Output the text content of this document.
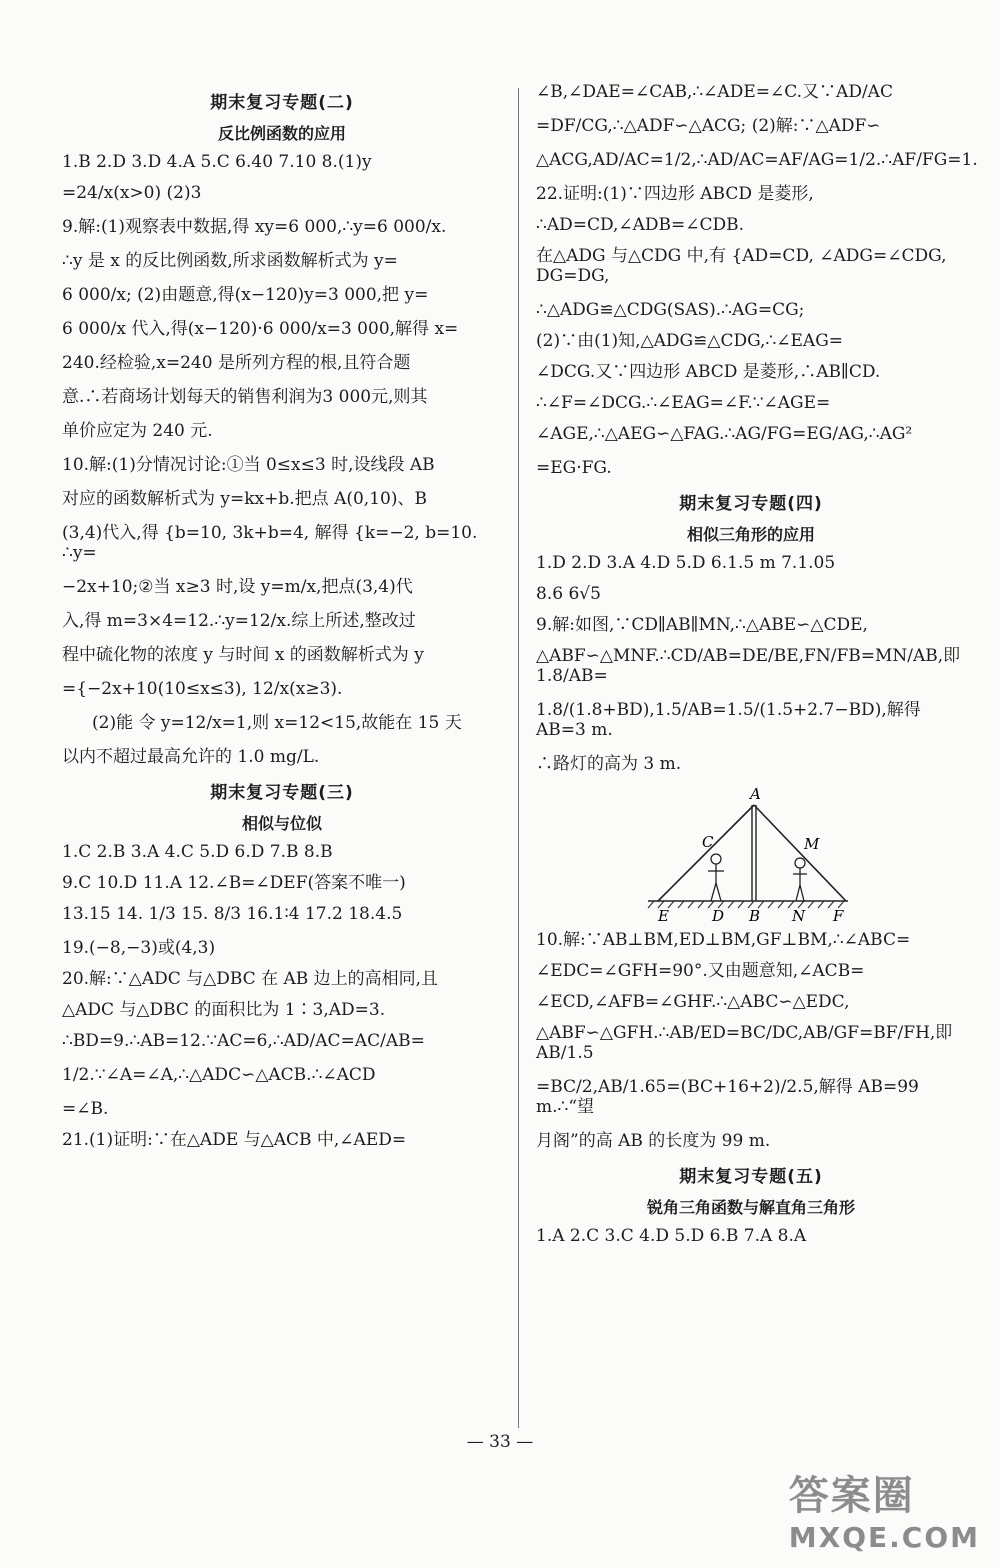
期末复习专题(二)
反比例函数的应用
1.B 2.D 3.D 4.A 5.C 6.40 7.10 8.(1)y
=24/x(x>0) (2)3
9.解:(1)观察表中数据,得 xy=6 000,∴y=6 000/x.
∴y 是 x 的反比例函数,所求函数解析式为 y=
6 000/x; (2)由题意,得(x−120)y=3 000,把 y=
6 000/x 代入,得(x−120)·6 000/x=3 000,解得 x=
240.经检验,x=240 是所列方程的根,且符合题
意.∴若商场计划每天的销售利润为3 000元,则其
单价应定为 240 元.
10.解:(1)分情况讨论:①当 0≤x≤3 时,设线段 AB
对应的函数解析式为 y=kx+b.把点 A(0,10)、B
(3,4)代入,得 {b=10, 3k+b=4, 解得 {k=−2, b=10. ∴y=
−2x+10;②当 x≥3 时,设 y=m/x,把点(3,4)代
入,得 m=3×4=12.∴y=12/x.综上所述,整改过
程中硫化物的浓度 y 与时间 x 的函数解析式为 y
={−2x+10(10≤x≤3), 12/x(x≥3).
(2)能 令 y=12/x=1,则 x=12<15,故能在 15 天
以内不超过最高允许的 1.0 mg/L.
期末复习专题(三)
相似与位似
1.C 2.B 3.A 4.C 5.D 6.D 7.B 8.B
9.C 10.D 11.A 12.∠B=∠DEF(答案不唯一)
13.15 14. 1/3 15. 8/3 16.1∶4 17.2 18.4.5
19.(−8,−3)或(4,3)
20.解:∵△ADC 与△DBC 在 AB 边上的高相同,且
△ADC 与△DBC 的面积比为 1∶3,AD=3.
∴BD=9.∴AB=12.∵AC=6,∴AD/AC=AC/AB=
1/2.∵∠A=∠A,∴△ADC∽△ACB.∴∠ACD
=∠B.
21.(1)证明:∵在△ADE 与△ACB 中,∠AED=
∠B,∠DAE=∠CAB,∴∠ADE=∠C.又∵AD/AC
=DF/CG,∴△ADF∽△ACG; (2)解:∵△ADF∽
△ACG,AD/AC=1/2,∴AD/AC=AF/AG=1/2.∴AF/FG=1.
22.证明:(1)∵四边形 ABCD 是菱形,
∴AD=CD,∠ADB=∠CDB.
在△ADG 与△CDG 中,有 {AD=CD, ∠ADG=∠CDG, DG=DG,
∴△ADG≌△CDG(SAS).∴AG=CG;
(2)∵由(1)知,△ADG≌△CDG,∴∠EAG=
∠DCG.又∵四边形 ABCD 是菱形,∴AB∥CD.
∴∠F=∠DCG.∴∠EAG=∠F.∵∠AGE=
∠AGE,∴△AEG∽△FAG.∴AG/FG=EG/AG,∴AG²
=EG·FG.
期末复习专题(四)
相似三角形的应用
1.D 2.D 3.A 4.D 5.D 6.1.5 m 7.1.05
8.6 6√5
9.解:如图,∵CD∥AB∥MN,∴△ABE∽△CDE,
△ABF∽△MNF.∴CD/AB=DE/BE,FN/FB=MN/AB,即1.8/AB=
1.8/(1.8+BD),1.5/AB=1.5/(1.5+2.7−BD),解得 AB=3 m.
∴路灯的高为 3 m.
A
C	M
E	D B N F
10.解:∵AB⊥BM,ED⊥BM,GF⊥BM,∴∠ABC=
∠EDC=∠GFH=90°.又由题意知,∠ACB=
∠ECD,∠AFB=∠GHF.∴△ABC∽△EDC,
△ABF∽△GFH.∴AB/ED=BC/DC,AB/GF=BF/FH,即AB/1.5
=BC/2,AB/1.65=(BC+16+2)/2.5,解得 AB=99 m.∴“望
月阁”的高 AB 的长度为 99 m.
期末复习专题(五)
锐角三角函数与解直角三角形
1.A 2.C 3.C 4.D 5.D 6.B 7.A 8.A
— 33 —
答案圈
MXQE.COM
